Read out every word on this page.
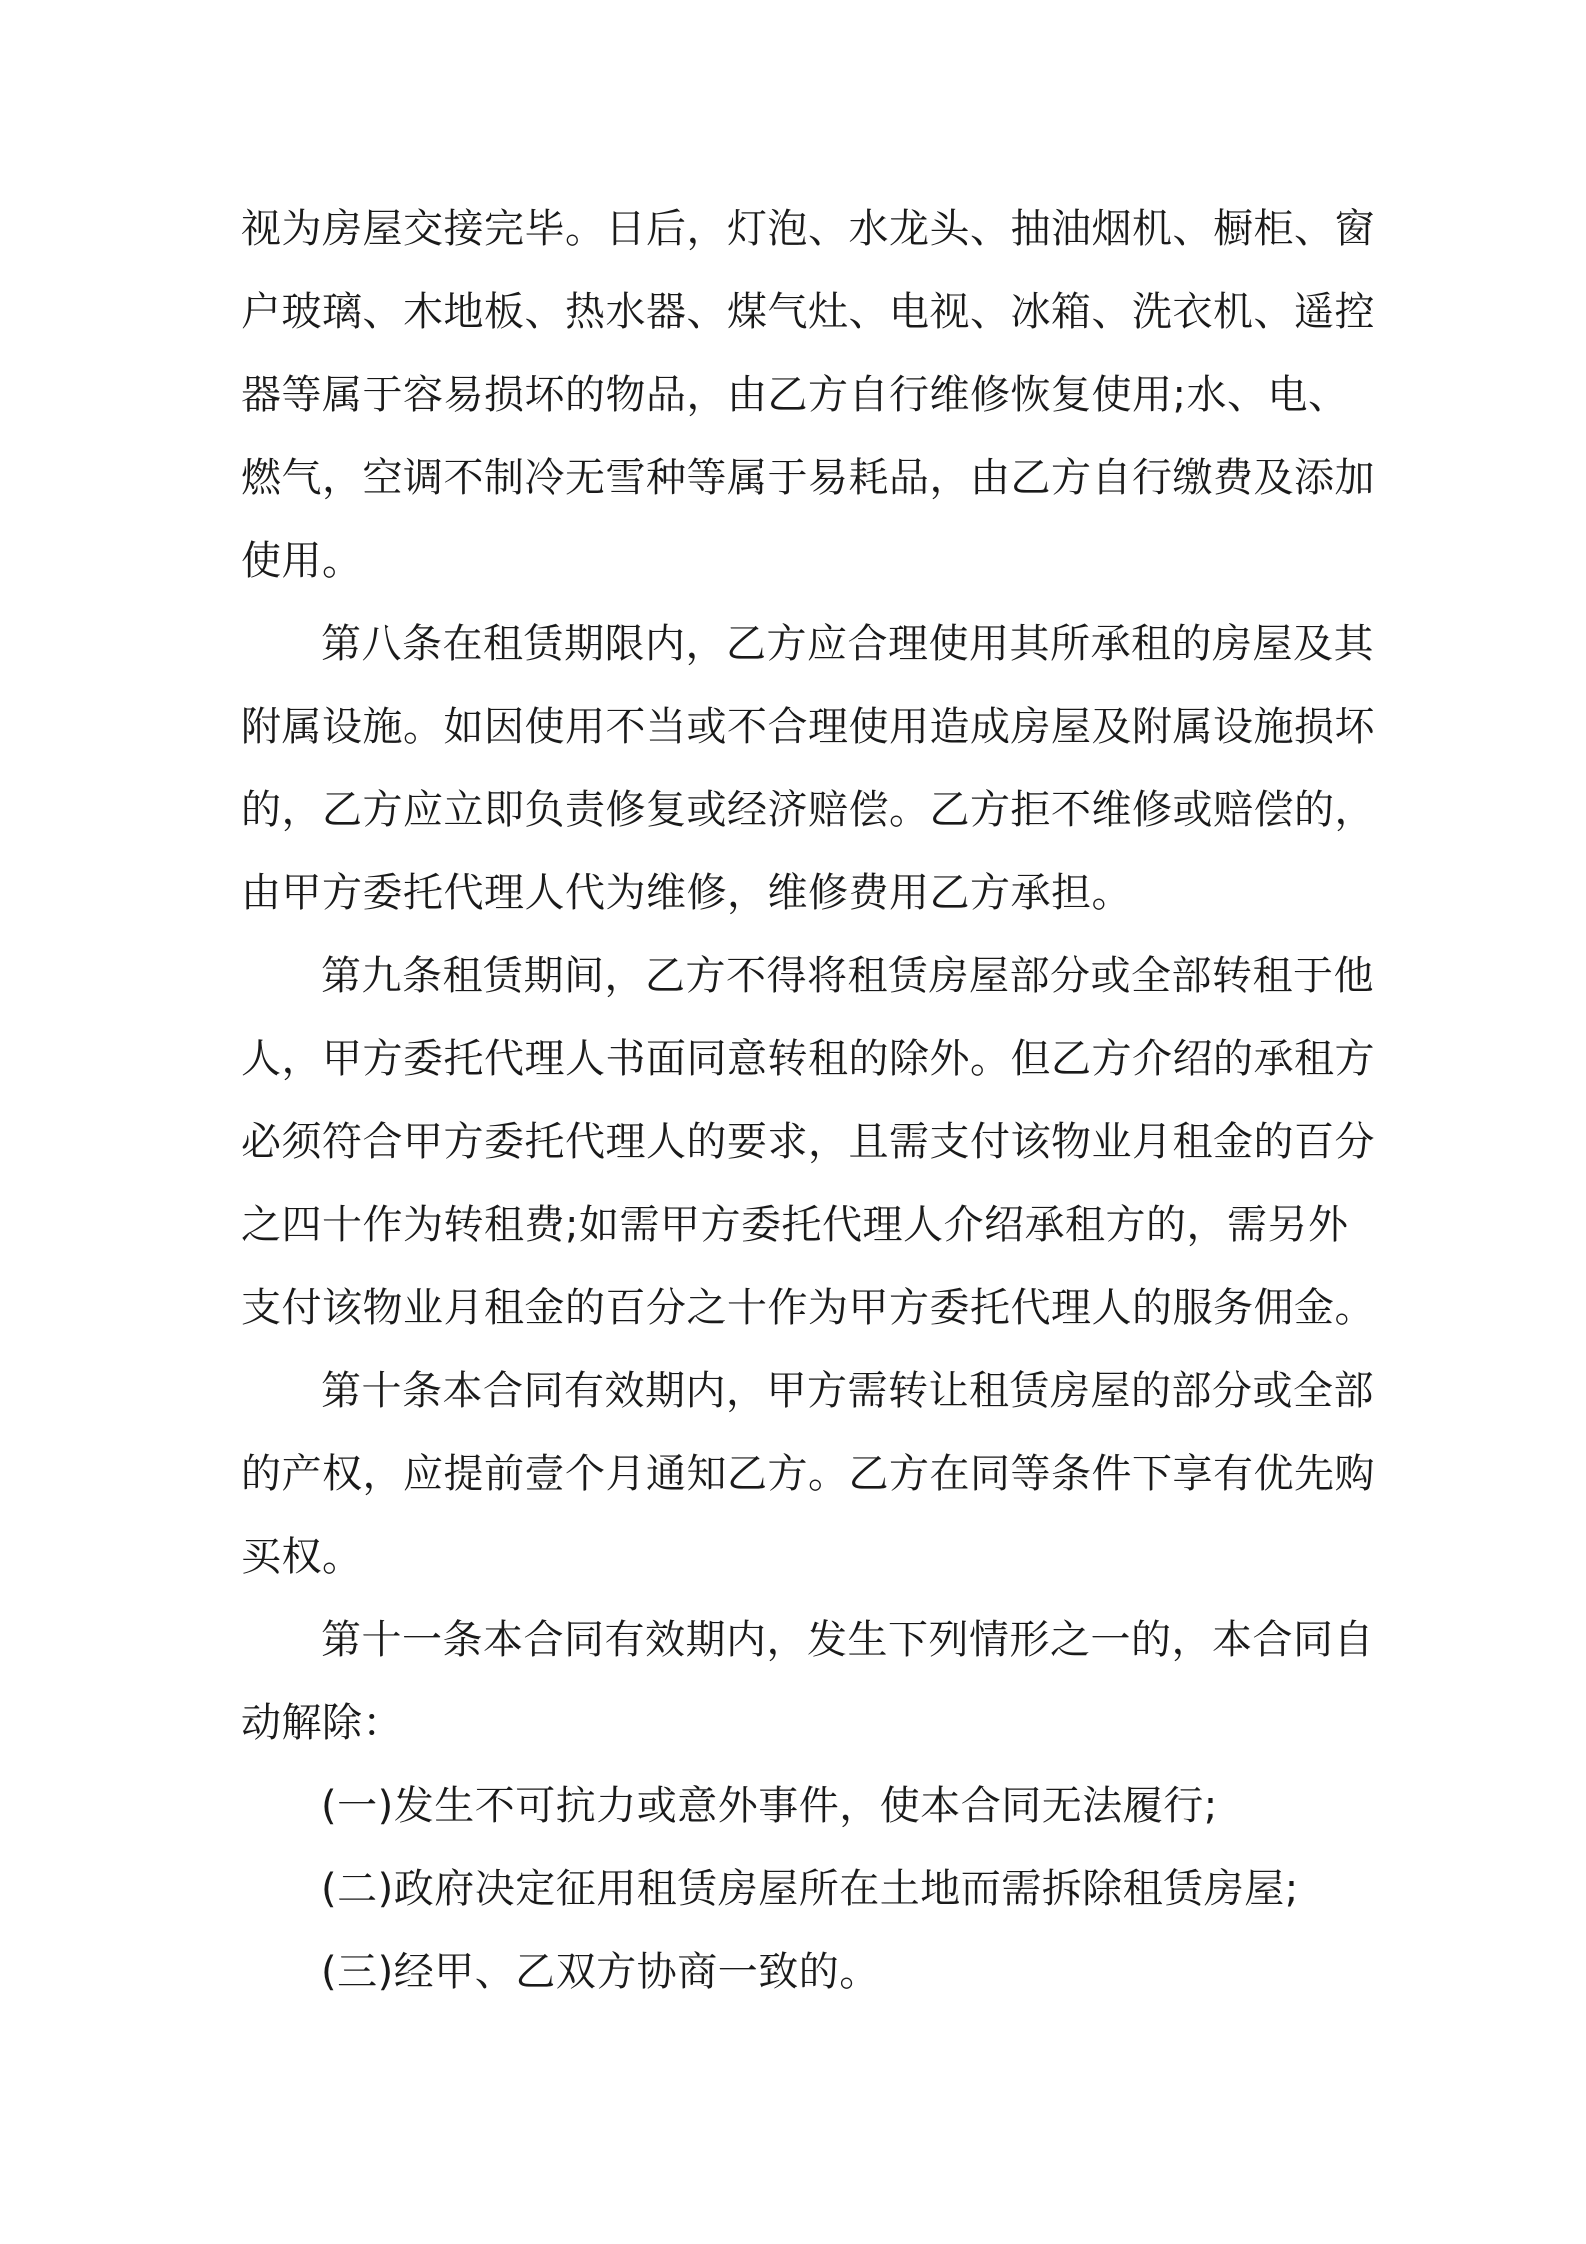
视为房屋交接完毕。日后，灯泡、水龙头、抽油烟机、橱柜、窗
户玻璃、木地板、热水器、煤气灶、电视、冰箱、洗衣机、遥控
器等属于容易损坏的物品，由乙方自行维修恢复使用;水、电、
燃气，空调不制冷无雪种等属于易耗品，由乙方自行缴费及添加
使用。
第八条在租赁期限内，乙方应合理使用其所承租的房屋及其
附属设施。如因使用不当或不合理使用造成房屋及附属设施损坏
的，乙方应立即负责修复或经济赔偿。乙方拒不维修或赔偿的，
由甲方委托代理人代为维修，维修费用乙方承担。
第九条租赁期间，乙方不得将租赁房屋部分或全部转租于他
人，甲方委托代理人书面同意转租的除外。但乙方介绍的承租方
必须符合甲方委托代理人的要求，且需支付该物业月租金的百分
之四十作为转租费;如需甲方委托代理人介绍承租方的，需另外
支付该物业月租金的百分之十作为甲方委托代理人的服务佣金。
第十条本合同有效期内，甲方需转让租赁房屋的部分或全部
的产权，应提前壹个月通知乙方。乙方在同等条件下享有优先购
买权。
第十一条本合同有效期内，发生下列情形之一的，本合同自
动解除：
(一)发生不可抗力或意外事件，使本合同无法履行;
(二)政府决定征用租赁房屋所在土地而需拆除租赁房屋;
(三)经甲、乙双方协商一致的。
